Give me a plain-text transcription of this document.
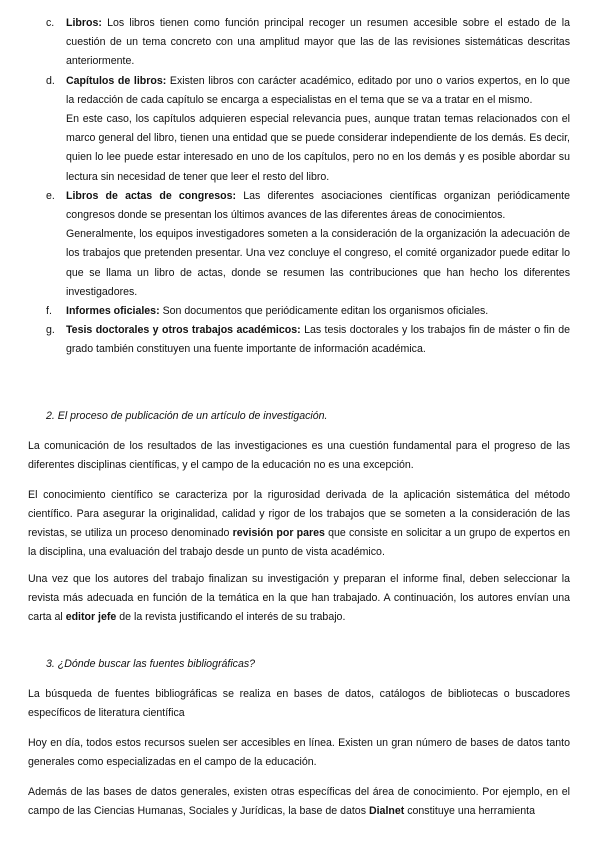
c. Libros: Los libros tienen como función principal recoger un resumen accesible sobre el estado de la cuestión de un tema concreto con una amplitud mayor que las de las revisiones sistemáticas descritas anteriormente.

d. Capítulos de libros: Existen libros con carácter académico, editado por uno o varios expertos, en lo que la redacción de cada capítulo se encarga a especialistas en el tema que se va a tratar en el mismo.

En este caso, los capítulos adquieren especial relevancia pues, aunque tratan temas relacionados con el marco general del libro, tienen una entidad que se puede considerar independiente de los demás. Es decir, quien lo lee puede estar interesado en uno de los capítulos, pero no en los demás y es posible abordar su lectura sin necesidad de tener que leer el resto del libro.

e. Libros de actas de congresos: Las diferentes asociaciones científicas organizan periódicamente congresos donde se presentan los últimos avances de las diferentes áreas de conocimientos.

Generalmente, los equipos investigadores someten a la consideración de la organización la adecuación de los trabajos que pretenden presentar. Una vez concluye el congreso, el comité organizador puede editar lo que se llama un libro de actas, donde se resumen las contribuciones que han hecho los diferentes investigadores.

f. Informes oficiales: Son documentos que periódicamente editan los organismos oficiales.

g. Tesis doctorales y otros trabajos académicos: Las tesis doctorales y los trabajos fin de máster o fin de grado también constituyen una fuente importante de información académica.

2. El proceso de publicación de un artículo de investigación.

La comunicación de los resultados de las investigaciones es una cuestión fundamental para el progreso de las diferentes disciplinas científicas, y el campo de la educación no es una excepción.

El conocimiento científico se caracteriza por la rigurosidad derivada de la aplicación sistemática del método científico. Para asegurar la originalidad, calidad y rigor de los trabajos que se someten a la consideración de las revistas, se utiliza un proceso denominado revisión por pares que consiste en solicitar a un grupo de expertos en la disciplina, una evaluación del trabajo desde un punto de vista académico.

Una vez que los autores del trabajo finalizan su investigación y preparan el informe final, deben seleccionar la revista más adecuada en función de la temática en la que han trabajado. A continuación, los autores envían una carta al editor jefe de la revista justificando el interés de su trabajo.

3. ¿Dónde buscar las fuentes bibliográficas?

La búsqueda de fuentes bibliográficas se realiza en bases de datos, catálogos de bibliotecas o buscadores específicos de literatura científica

Hoy en día, todos estos recursos suelen ser accesibles en línea. Existen un gran número de bases de datos tanto generales como especializadas en el campo de la educación.

Además de las bases de datos generales, existen otras específicas del área de conocimiento. Por ejemplo, en el campo de las Ciencias Humanas, Sociales y Jurídicas, la base de datos Dialnet constituye una herramienta
